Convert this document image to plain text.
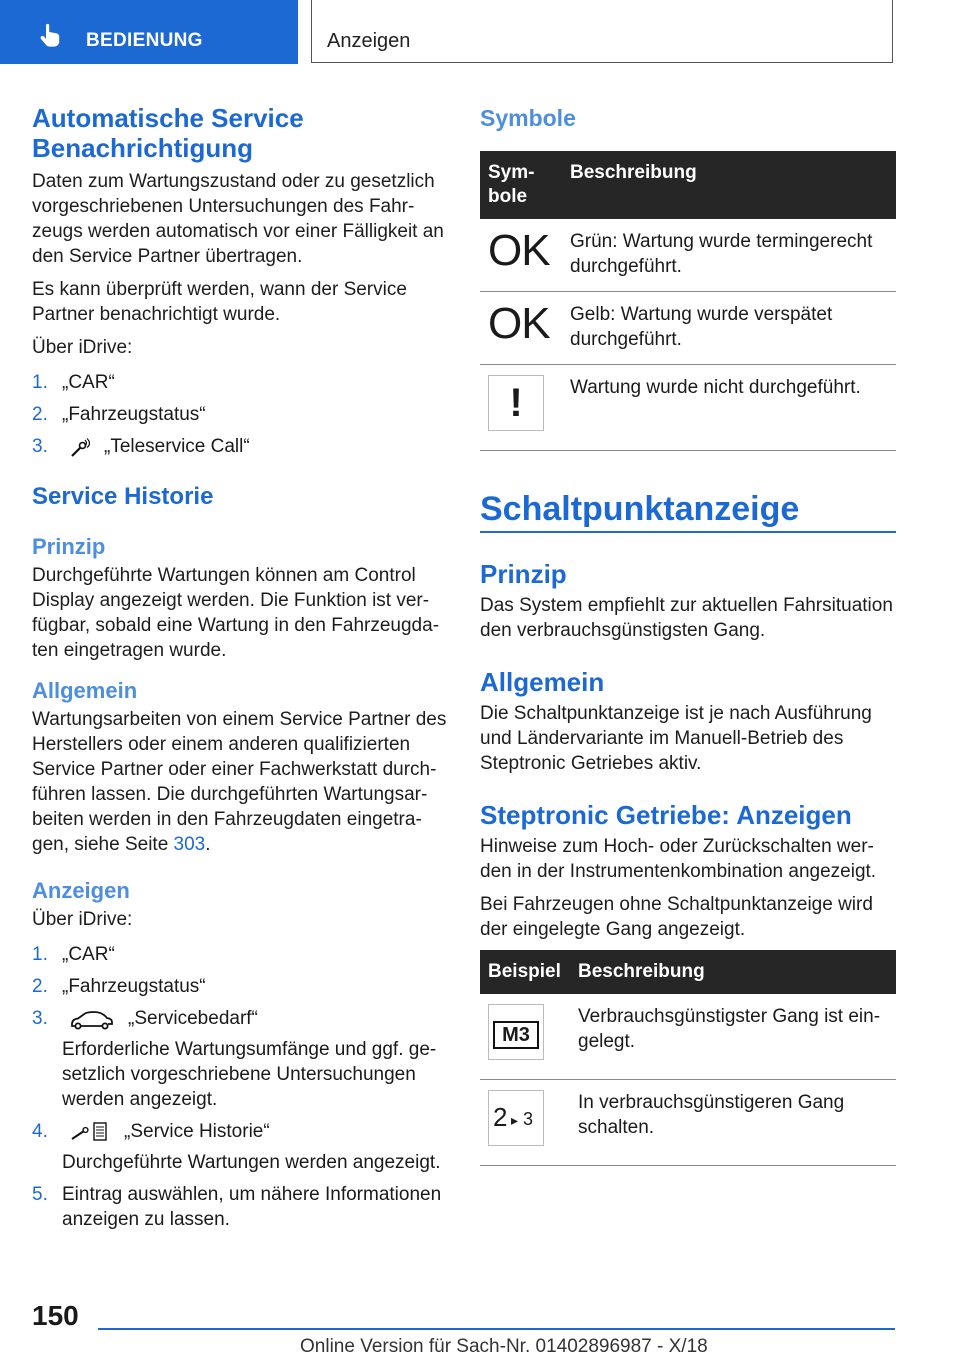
BEDIENUNG	Anzeigen
Automatische Service Benachrichtigung

Daten zum Wartungszustand oder zu gesetzlich vorgeschriebenen Untersuchungen des Fahrzeugs werden automatisch vor einer Fälligkeit an den Service Partner übertragen.

Es kann überprüft werden, wann der Service Partner benachrichtigt wurde.

Über iDrive:

1. „CAR“
2. „Fahrzeugstatus“
3.	„Teleservice Call“
Service Historie
Prinzip

Durchgeführte Wartungen können am Control Display angezeigt werden. Die Funktion ist verfügbar, sobald eine Wartung in den Fahrzeugdaten eingetragen wurde.

Allgemein

Wartungsarbeiten von einem Service Partner des Herstellers oder einem anderen qualifizierten Service Partner oder einer Fachwerkstatt durchführen lassen. Die durchgeführten Wartungsarbeiten werden in den Fahrzeugdaten eingetragen, siehe Seite 303.

Anzeigen

Über iDrive:

1. „CAR“
2. „Fahrzeugstatus“
3.	„Servicebedarf“
Erforderliche Wartungsumfänge und ggf. gesetzlich vorgeschriebene Untersuchungen werden angezeigt.
4.	„Service Historie“
Durchgeführte Wartungen werden angezeigt.
5. Eintrag auswählen, um nähere Informationen anzeigen zu lassen.
Symbole
Symbole	Beschreibung
OK	Grün: Wartung wurde termingerecht durchgeführt.
OK	Gelb: Wartung wurde verspätet durchgeführt.

!	Wartung wurde nicht durchgeführt.
Schaltpunktanzeige
Prinzip

Das System empfiehlt zur aktuellen Fahrsituation den verbrauchsgünstigsten Gang.

Allgemein

Die Schaltpunktanzeige ist je nach Ausführung und Ländervariante im Manuell-Betrieb des Steptronic Getriebes aktiv.

Steptronic Getriebe: Anzeigen

Hinweise zum Hoch- oder Zurückschalten werden in der Instrumentenkombination angezeigt.

Bei Fahrzeugen ohne Schaltpunktanzeige wird der eingelegte Gang angezeigt.

Beispiel	Beschreibung

M3	Verbrauchsgünstigster Gang ist eingelegt.

2 ▸ 3	In verbrauchsgünstigeren Gang schalten.
150
Online Version für Sach-Nr. 01402896987 - X/18
